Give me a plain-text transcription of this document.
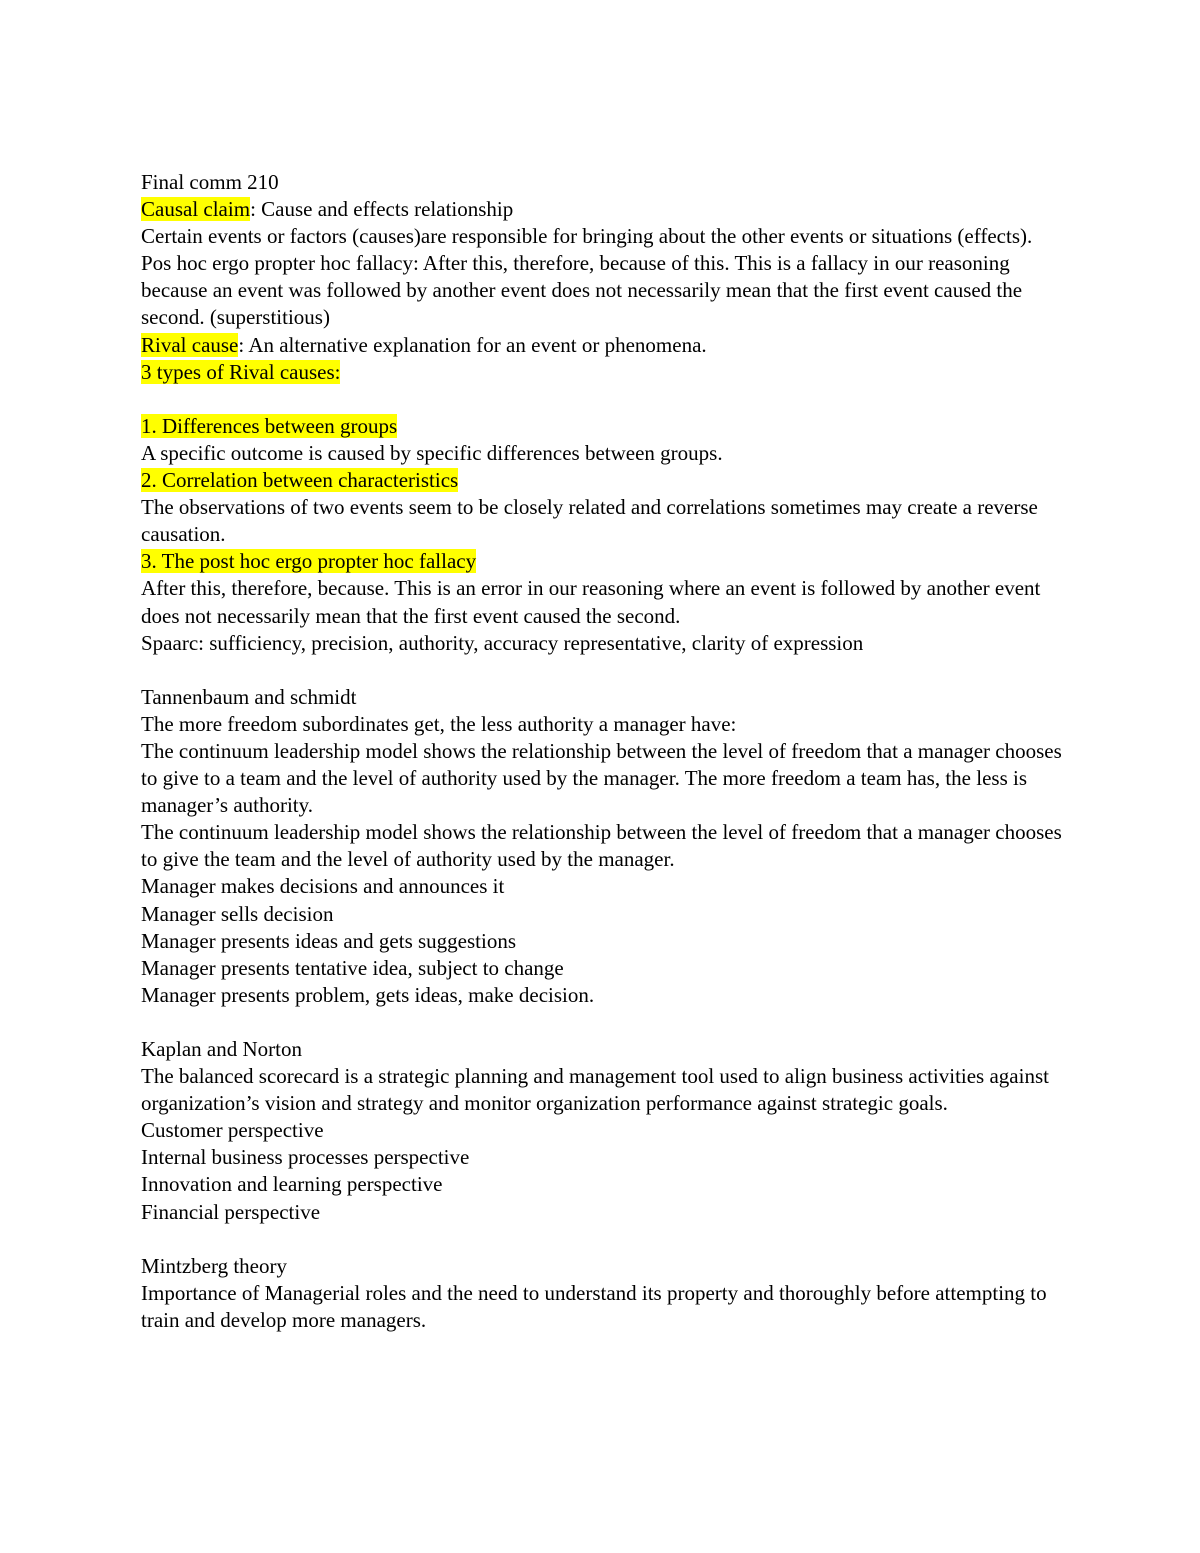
Final comm 210

Causal claim: Cause and effects relationship

Certain events or factors (causes)are responsible for bringing about the other events or situations (effects).

Pos hoc ergo propter hoc fallacy: After this, therefore, because of this. This is a fallacy in our reasoning because an event was followed by another event does not necessarily mean that the first event caused the second. (superstitious)

Rival cause: An alternative explanation for an event or phenomena.

3 types of Rival causes:

1. Differences between groups

A specific outcome is caused by specific differences between groups.

2. Correlation between characteristics

The observations of two events seem to be closely related and correlations sometimes may create a reverse causation.

3. The post hoc ergo propter hoc fallacy

After this, therefore, because. This is an error in our reasoning where an event is followed by another event does not necessarily mean that the first event caused the second.

Spaarc: sufficiency, precision, authority, accuracy representative, clarity of expression

Tannenbaum and schmidt

The more freedom subordinates get, the less authority a manager have:

The continuum leadership model shows the relationship between the level of freedom that a manager chooses to give to a team and the level of authority used by the manager. The more freedom a team has, the less is manager’s authority.

The continuum leadership model shows the relationship between the level of freedom that a manager chooses to give the team and the level of authority used by the manager.

Manager makes decisions and announces it

Manager sells decision

Manager presents ideas and gets suggestions

Manager presents tentative idea, subject to change

Manager presents problem, gets ideas, make decision.

Kaplan and Norton

The balanced scorecard is a strategic planning and management tool used to align business activities against organization’s vision and strategy and monitor organization performance against strategic goals.

Customer perspective

Internal business processes perspective

Innovation and learning perspective

Financial perspective

Mintzberg theory

Importance of Managerial roles and the need to understand its property and thoroughly before attempting to train and develop more managers.
